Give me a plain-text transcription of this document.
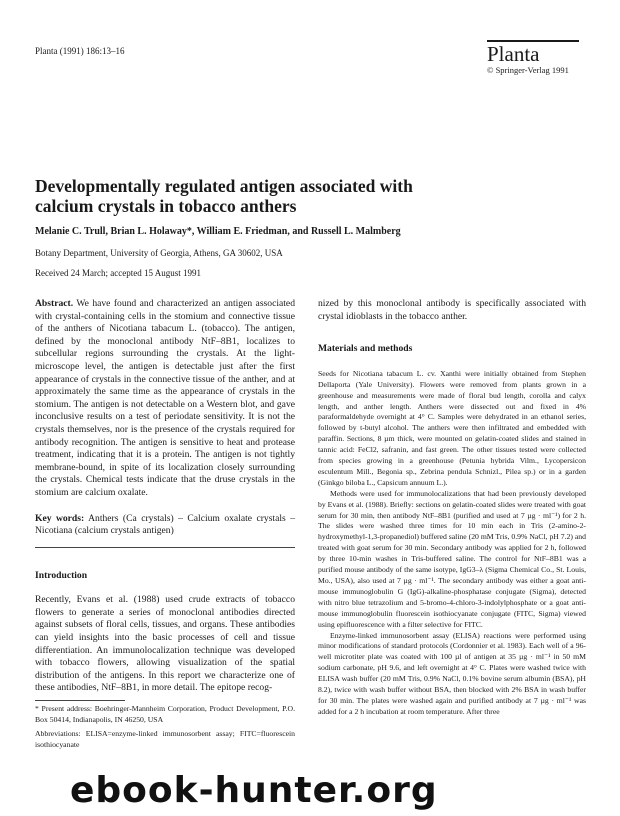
Planta (1991) 186:13–16	Planta
© Springer-Verlag 1991
Developmentally regulated antigen associated with calcium crystals in tobacco anthers
Melanie C. Trull, Brian L. Holaway*, William E. Friedman, and Russell L. Malmberg
Botany Department, University of Georgia, Athens, GA 30602, USA
Received 24 March; accepted 15 August 1991

Abstract. We have found and characterized an antigen associated with crystal-containing cells in the stomium and connective tissue of the anthers of Nicotiana tabacum L. (tobacco). The antigen, defined by the monoclonal antibody NtF–8B1, localizes to subcellular regions surrounding the crystals. At the light-microscope level, the antigen is detectable just after the first appearance of crystals in the connective tissue of the anther, and at approximately the same time as the appearance of crystals in the stomium. The antigen is not detectable on a Western blot, and gave inconclusive results on a test of periodate sensitivity. It is not the crystals themselves, nor is the presence of the crystals required for antibody recognition. The antigen is sensitive to heat and protease treatment, indicating that it is a protein. The antigen is not tightly membrane-bound, in spite of its localization closely surrounding the crystals. Chemical tests indicate that the druse crystals in the stomium are calcium oxalate.

Key words: Anthers (Ca crystals) – Calcium oxalate crystals – Nicotiana (calcium crystals antigen)

Introduction

Recently, Evans et al. (1988) used crude extracts of tobacco flowers to generate a series of monoclonal antibodies directed against subsets of floral cells, tissues, and organs. These antibodies can yield insights into the basic processes of cell and tissue differentiation. An immunolocalization technique was developed with tobacco flowers, allowing visualization of the spatial distribution of the antigens. In this report we characterize one of these antibodies, NtF–8B1, in more detail. The epitope recog-

* Present address: Boehringer-Mannheim Corporation, Product Development, P.O. Box 50414, Indianapolis, IN 46250, USA

Abbreviations: ELISA=enzyme-linked immunosorbent assay; FITC=fluorescein isothiocyanate

nized by this monoclonal antibody is specifically associated with crystal idioblasts in the tobacco anther.

Materials and methods

Seeds for Nicotiana tabacum L. cv. Xanthi were initially obtained from Stephen Dellaporta (Yale University). Flowers were removed from plants grown in a greenhouse and measurements were made of floral bud length, corolla and calyx length, and anther length. Anthers were dissected out and fixed in 4% paraformaldehyde overnight at 4° C. Samples were dehydrated in an ethanol series, followed by t-butyl alcohol. The anthers were then infiltrated and embedded with paraffin. Sections, 8 µm thick, were mounted on gelatin-coated slides and stained in tannic acid: FeCl2, safranin, and fast green. The other tissues tested were collected from species growing in a greenhouse (Petunia hybrida Vilm., Lycopersicon esculentum Mill., Begonia sp., Zebrina pendula Schnizl., Pilea sp.) or in a garden (Ginkgo biloba L., Capsicum annuum L.).

Methods were used for immunolocalizations that had been previously developed by Evans et al. (1988). Briefly: sections on gelatin-coated slides were treated with goat serum for 30 min, then antibody NtF–8B1 (purified and used at 7 µg · ml⁻¹) for 2 h. The slides were washed three times for 10 min each in Tris (2-amino-2-hydroxymethyl-1,3-propanediol) buffered saline (20 mM Tris, 0.9% NaCl, pH 7.2) and treated with goat serum for 30 min. Secondary antibody was applied for 2 h, followed by three 10-min washes in Tris-buffered saline. The control for NtF–8B1 was a purified mouse antibody of the same isotype, IgG3–λ (Sigma Chemical Co., St. Louis, Mo., USA), also used at 7 µg · ml⁻¹. The secondary antibody was either a goat anti-mouse immunoglobulin G (IgG)-alkaline-phosphatase conjugate (Sigma), detected with nitro blue tetrazolium and 5-bromo-4-chloro-3-indolylphosphate or a goat anti-mouse immunoglobulin fluorescein isothiocyanate conjugate (FITC, Sigma) viewed using epifluorescence with a filter selective for FITC.

Enzyme-linked immunosorbent assay (ELISA) reactions were performed using minor modifications of standard protocols (Cordonnier et al. 1983). Each well of a 96-well microtiter plate was coated with 100 µl of antigen at 35 µg · ml⁻¹ in 50 mM sodium carbonate, pH 9.6, and left overnight at 4° C. Plates were washed twice with ELISA wash buffer (20 mM Tris, 0.9% NaCl, 0.1% bovine serum albumin (BSA), pH 8.2), twice with wash buffer without BSA, then blocked with 2% BSA in wash buffer for 30 min. The plates were washed again and purified antibody at 7 µg · ml⁻¹ was added for a 2 h incubation at room temperature. After three

ebook-hunter.org
